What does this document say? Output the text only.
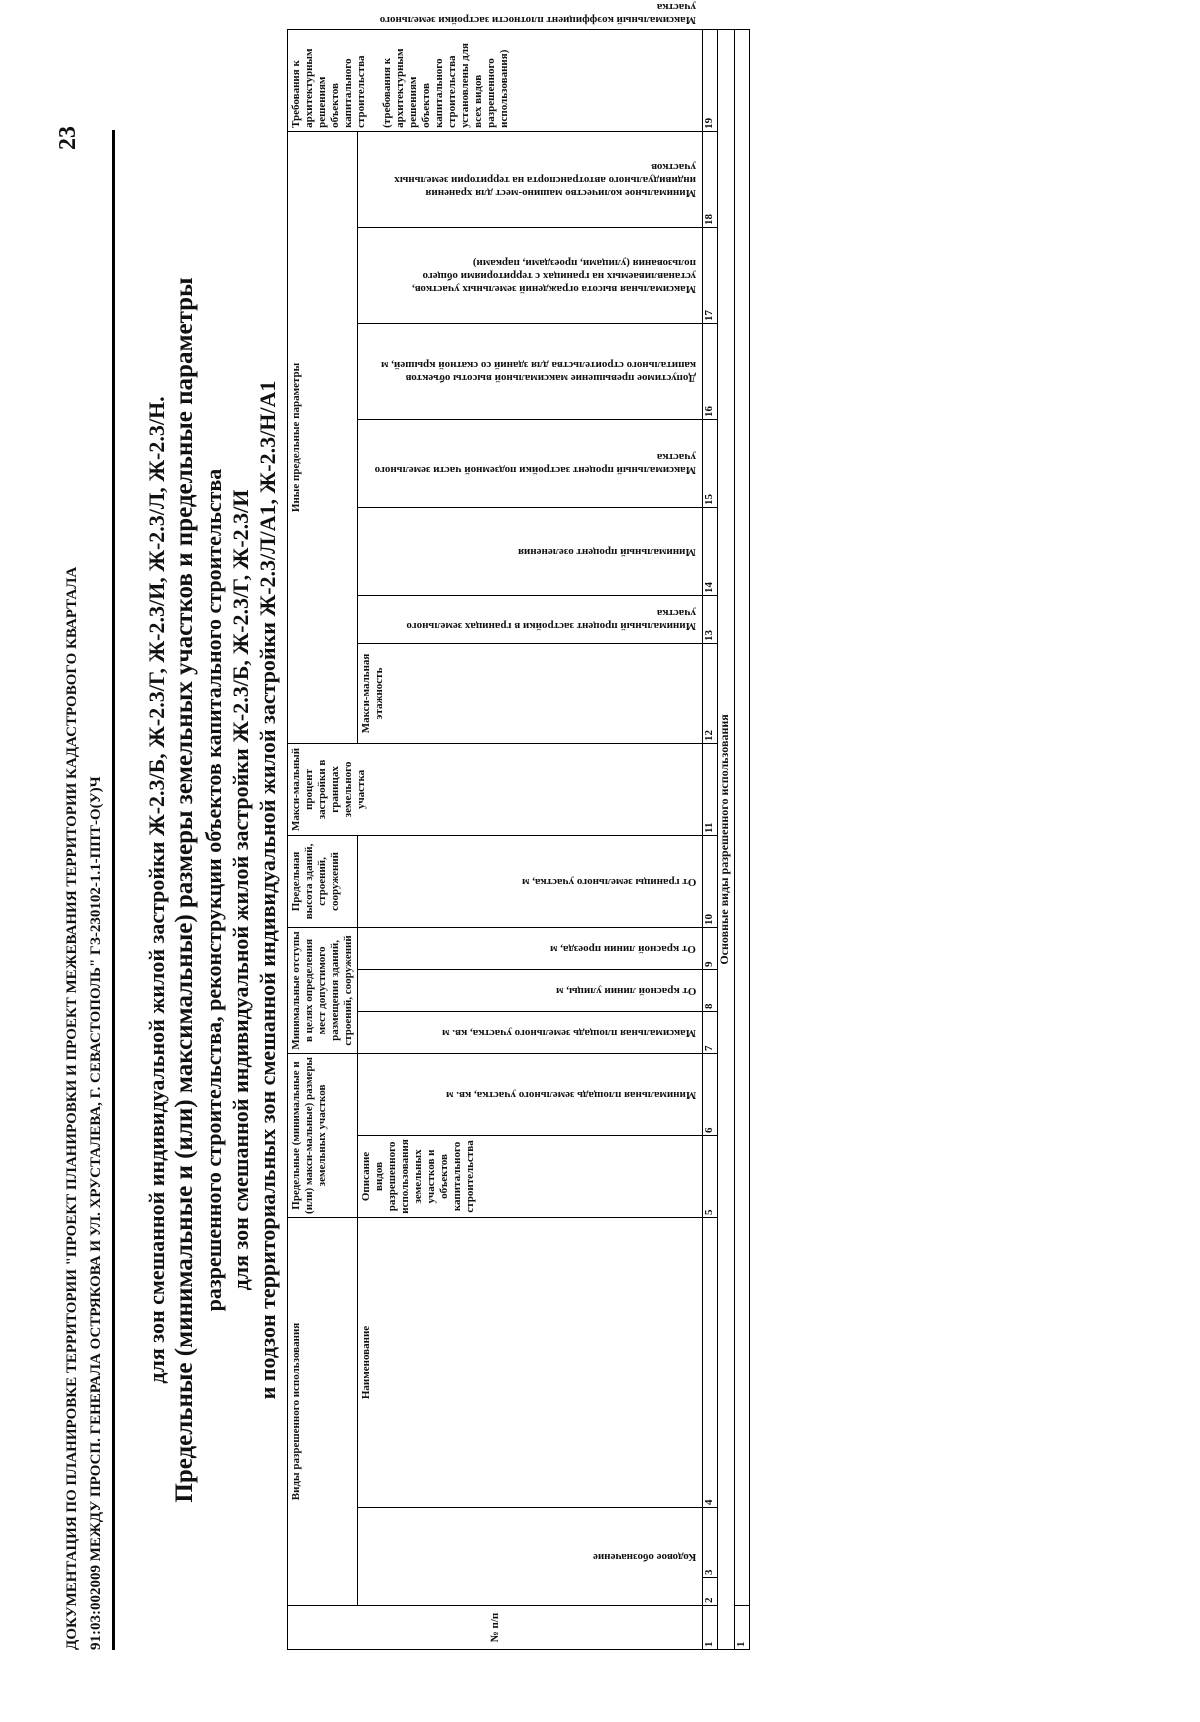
23
ДОКУМЕНТАЦИЯ ПО ПЛАНИРОВКЕ ТЕРРИТОРИИ "ПРОЕКТ ПЛАНИРОВКИ И ПРОЕКТ МЕЖЕВАНИЯ ТЕРРИТОРИИ КАДАСТРОВОГО КВАРТАЛА 91:03:002009 МЕЖДУ ПРОСП. ГЕНЕРАЛА ОСТРЯКОВА И УЛ. ХРУСТАЛЕВА, Г. СЕВАСТОПОЛЬ" ГЗ-230102-1.1-ППТ-О(У)Ч для зон смешанной индивидуальной жилой застройки Ж-2.3/Б, Ж-2.3/Г, Ж-2.3/И, Ж-2.3/Л, Ж-2.3/Н. Предельные (минимальные и (или) максимальные) размеры земельных участков и предельные параметры разрешенного строительства, реконструкции объектов капитального строительства для зон смешанной индивидуальной жилой застройки Ж-2.3/Б, Ж-2.3/Г, Ж-2.3/И и подзон территориальных зон смешанной индивидуальной жилой застройки Ж-2.3/Л/А1, Ж-2.3/Н/А1
№ п/п	Виды разрешенного использования			Предельные (минимальные и (или) макси-мальные) размеры земельных участков		Минимальные отступы в целях определения мест допустимого размещения зданий, строений, сооружений			Предельная высота зданий, строений, сооружений	Макси-мальный процент застройки в границах земельного участка	Иные предельные параметры							Требования к архитектурным решениям объектов капитального строительства (требования к архитектурным решениям объектов капитального строительства установлены для всех видов разрешенного использования)	
	Кодовое обозначение		Наименование	Описание видов разрешенного использования земельных участков и объектов капитального строительства	Минимальная площадь земельного участка, кв. м	Максимальная площадь земельного участка, кв. м	От красной линии улицы, м	От красной линии проезда, м	От границы земельного участка, м		Макси-мальная этажность	Минимальный процент застройки в границах земельного участка	Минимальный процент озеленения	Максимальный процент застройки подземной части земельного участка	Допустимое превышение максимальной высоты объектов капитального строительства для зданий со скатной крышей, м	Максимальная высота ограждений земельных участков, устанавливаемых на границах с территориями общего пользования (улицами, проездами, парками)	Минимальное количество машино-мест для хранения индивидуального автотранспорта на территории земельных участков		Максимальный коэффициент плотности застройки земельного участка
1	2	3	4	5	6	7	8	9	10	11	12	13	14	15	16	17	18	19	
Основные виды разрешенного использования																			
1																			
